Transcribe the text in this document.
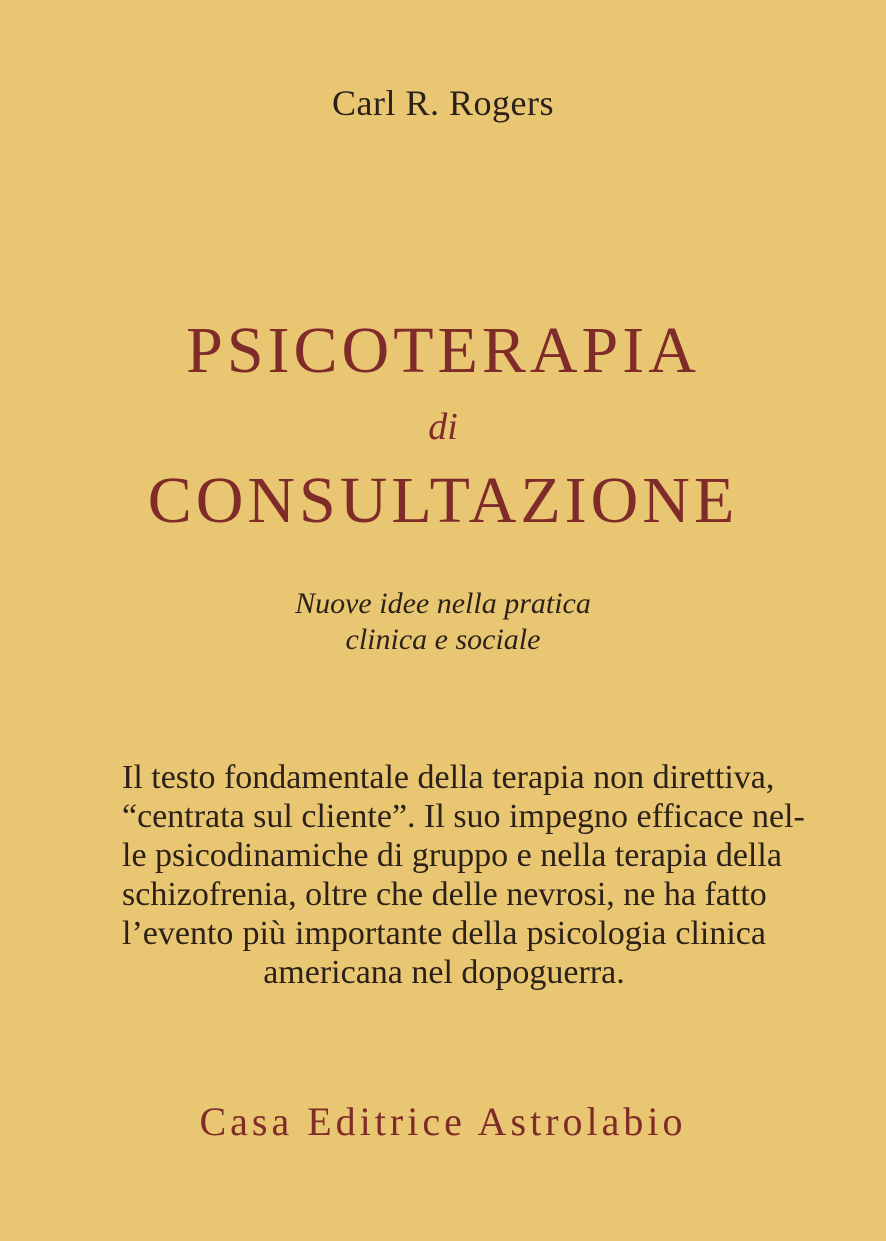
Carl R. Rogers
PSICOTERAPIA
di
CONSULTAZIONE
Nuove idee nella pratica
clinica e sociale
Il testo fondamentale della terapia non direttiva,
“centrata sul cliente”. Il suo impegno efficace nel-
le psicodinamiche di gruppo e nella terapia della
schizofrenia, oltre che delle nevrosi, ne ha fatto
l’evento più importante della psicologia clinica
americana nel dopoguerra.
Casa Editrice Astrolabio
